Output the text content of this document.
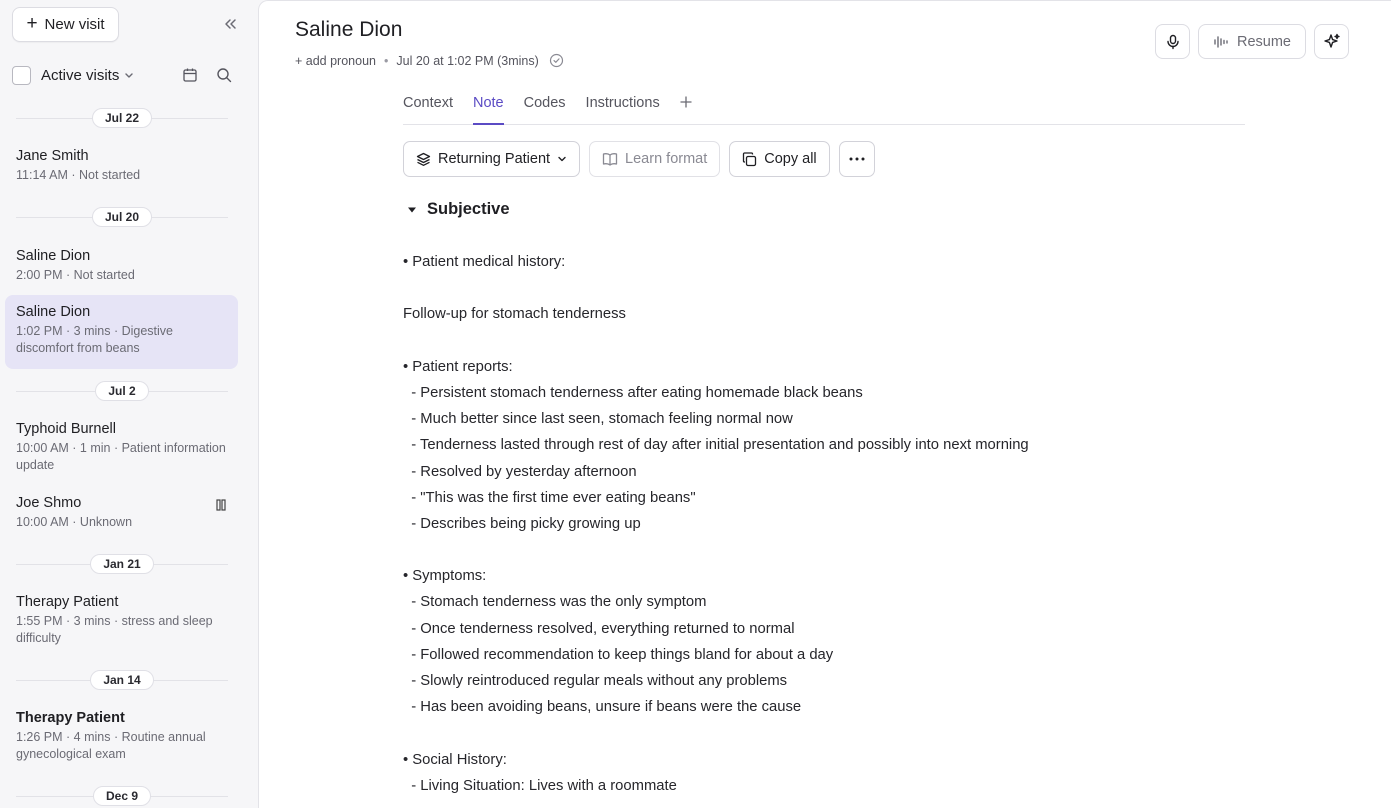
+ New visit
Active visits
Jul 22
Jane Smith
11:14 AM · Not started
Jul 20
Saline Dion
2:00 PM · Not started
Saline Dion
1:02 PM · 3 mins · Digestive
discomfort from beans
Jul 2
Typhoid Burnell
10:00 AM · 1 min · Patient information
update
Joe Shmo
10:00 AM · Unknown
Jan 21
Therapy Patient
1:55 PM · 3 mins · stress and sleep
difficulty
Jan 14
Therapy Patient
1:26 PM · 4 mins · Routine annual
gynecological exam
Dec 9
Saline Dion
+ add pronoun • Jul 20 at 1:02 PM (3mins)
Resume
Context Note Codes Instructions
Returning Patient	Learn format	Copy all
Subjective
• Patient medical history:
Follow-up for stomach tenderness
• Patient reports:
- Persistent stomach tenderness after eating homemade black beans
- Much better since last seen, stomach feeling normal now
- Tenderness lasted through rest of day after initial presentation and possibly into next morning
- Resolved by yesterday afternoon
- "This was the first time ever eating beans"
- Describes being picky growing up
• Symptoms:
- Stomach tenderness was the only symptom
- Once tenderness resolved, everything returned to normal
- Followed recommendation to keep things bland for about a day
- Slowly reintroduced regular meals without any problems
- Has been avoiding beans, unsure if beans were the cause
• Social History:
- Living Situation: Lives with a roommate
